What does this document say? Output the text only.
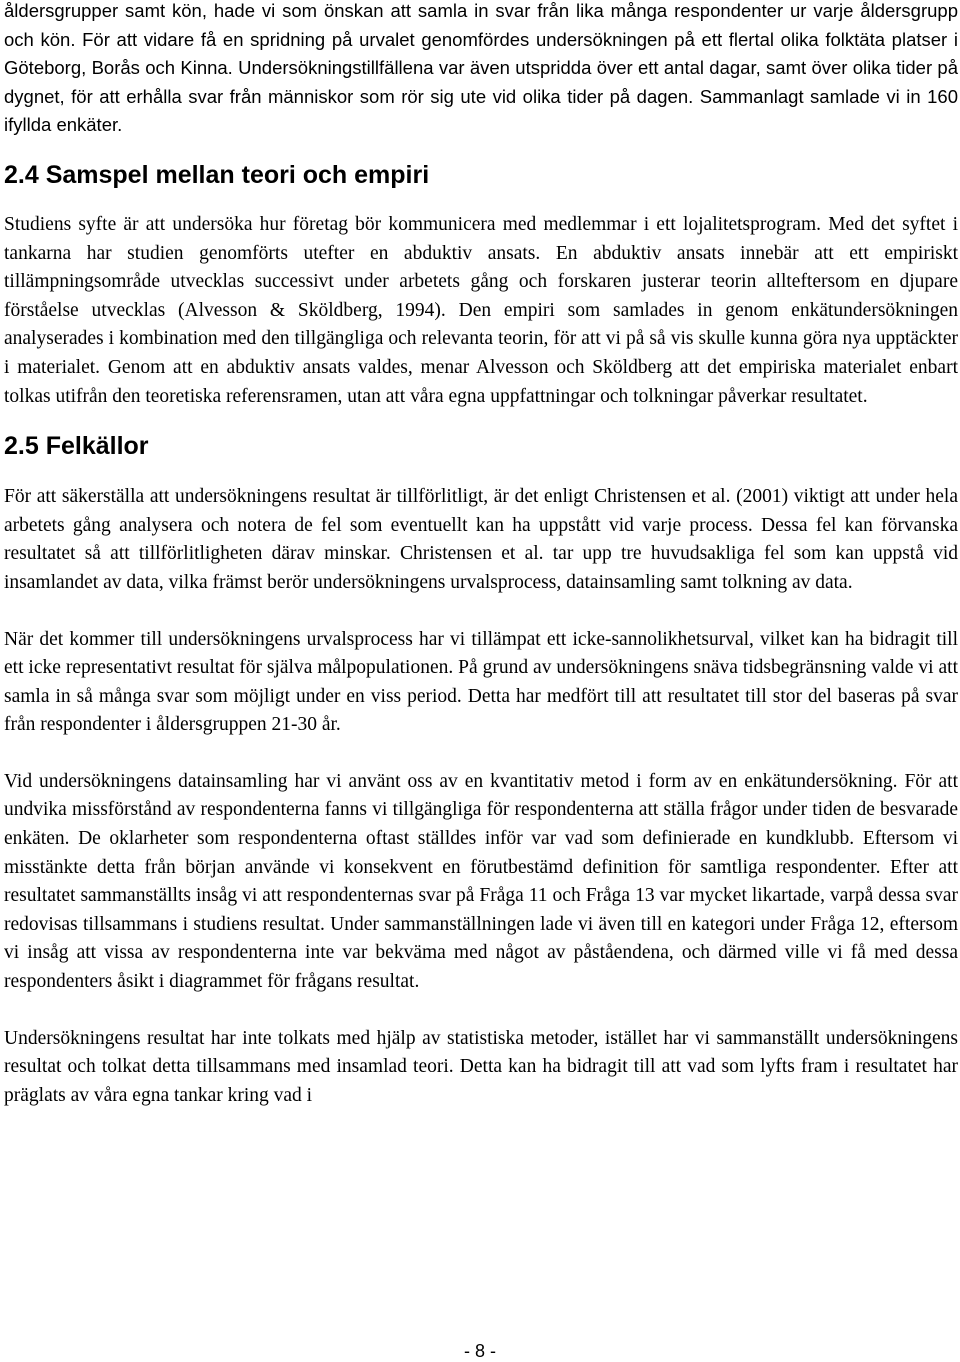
åldersgrupper samt kön, hade vi som önskan att samla in svar från lika många respondenter ur varje åldersgrupp och kön. För att vidare få en spridning på urvalet genomfördes undersökningen på ett flertal olika folktäta platser i Göteborg, Borås och Kinna. Undersökningstillfällena var även utspridda över ett antal dagar, samt över olika tider på dygnet, för att erhålla svar från människor som rör sig ute vid olika tider på dagen. Sammanlagt samlade vi in 160 ifyllda enkäter.

2.4 Samspel mellan teori och empiri

Studiens syfte är att undersöka hur företag bör kommunicera med medlemmar i ett lojalitetsprogram. Med det syftet i tankarna har studien genomförts utefter en abduktiv ansats. En abduktiv ansats innebär att ett empiriskt tillämpningsområde utvecklas successivt under arbetets gång och forskaren justerar teorin allteftersom en djupare förståelse utvecklas (Alvesson & Sköldberg, 1994). Den empiri som samlades in genom enkätundersökningen analyserades i kombination med den tillgängliga och relevanta teorin, för att vi på så vis skulle kunna göra nya upptäckter i materialet. Genom att en abduktiv ansats valdes, menar Alvesson och Sköldberg att det empiriska materialet enbart tolkas utifrån den teoretiska referensramen, utan att våra egna uppfattningar och tolkningar påverkar resultatet.

2.5 Felkällor

För att säkerställa att undersökningens resultat är tillförlitligt, är det enligt Christensen et al. (2001) viktigt att under hela arbetets gång analysera och notera de fel som eventuellt kan ha uppstått vid varje process. Dessa fel kan förvanska resultatet så att tillförlitligheten därav minskar. Christensen et al. tar upp tre huvudsakliga fel som kan uppstå vid insamlandet av data, vilka främst berör undersökningens urvalsprocess, datainsamling samt tolkning av data.

När det kommer till undersökningens urvalsprocess har vi tillämpat ett icke-sannolikhetsurval, vilket kan ha bidragit till ett icke representativt resultat för själva målpopulationen. På grund av undersökningens snäva tidsbegränsning valde vi att samla in så många svar som möjligt under en viss period. Detta har medfört till att resultatet till stor del baseras på svar från respondenter i åldersgruppen 21-30 år.

Vid undersökningens datainsamling har vi använt oss av en kvantitativ metod i form av en enkätundersökning. För att undvika missförstånd av respondenterna fanns vi tillgängliga för respondenterna att ställa frågor under tiden de besvarade enkäten. De oklarheter som respondenterna oftast ställdes inför var vad som definierade en kundklubb. Eftersom vi misstänkte detta från början använde vi konsekvent en förutbestämd definition för samtliga respondenter. Efter att resultatet sammanställts insåg vi att respondenternas svar på Fråga 11 och Fråga 13 var mycket likartade, varpå dessa svar redovisas tillsammans i studiens resultat. Under sammanställningen lade vi även till en kategori under Fråga 12, eftersom vi insåg att vissa av respondenterna inte var bekväma med något av påståendena, och därmed ville vi få med dessa respondenters åsikt i diagrammet för frågans resultat.

Undersökningens resultat har inte tolkats med hjälp av statistiska metoder, istället har vi sammanställt undersökningens resultat och tolkat detta tillsammans med insamlad teori. Detta kan ha bidragit till att vad som lyfts fram i resultatet har präglats av våra egna tankar kring vad i

- 8 -
